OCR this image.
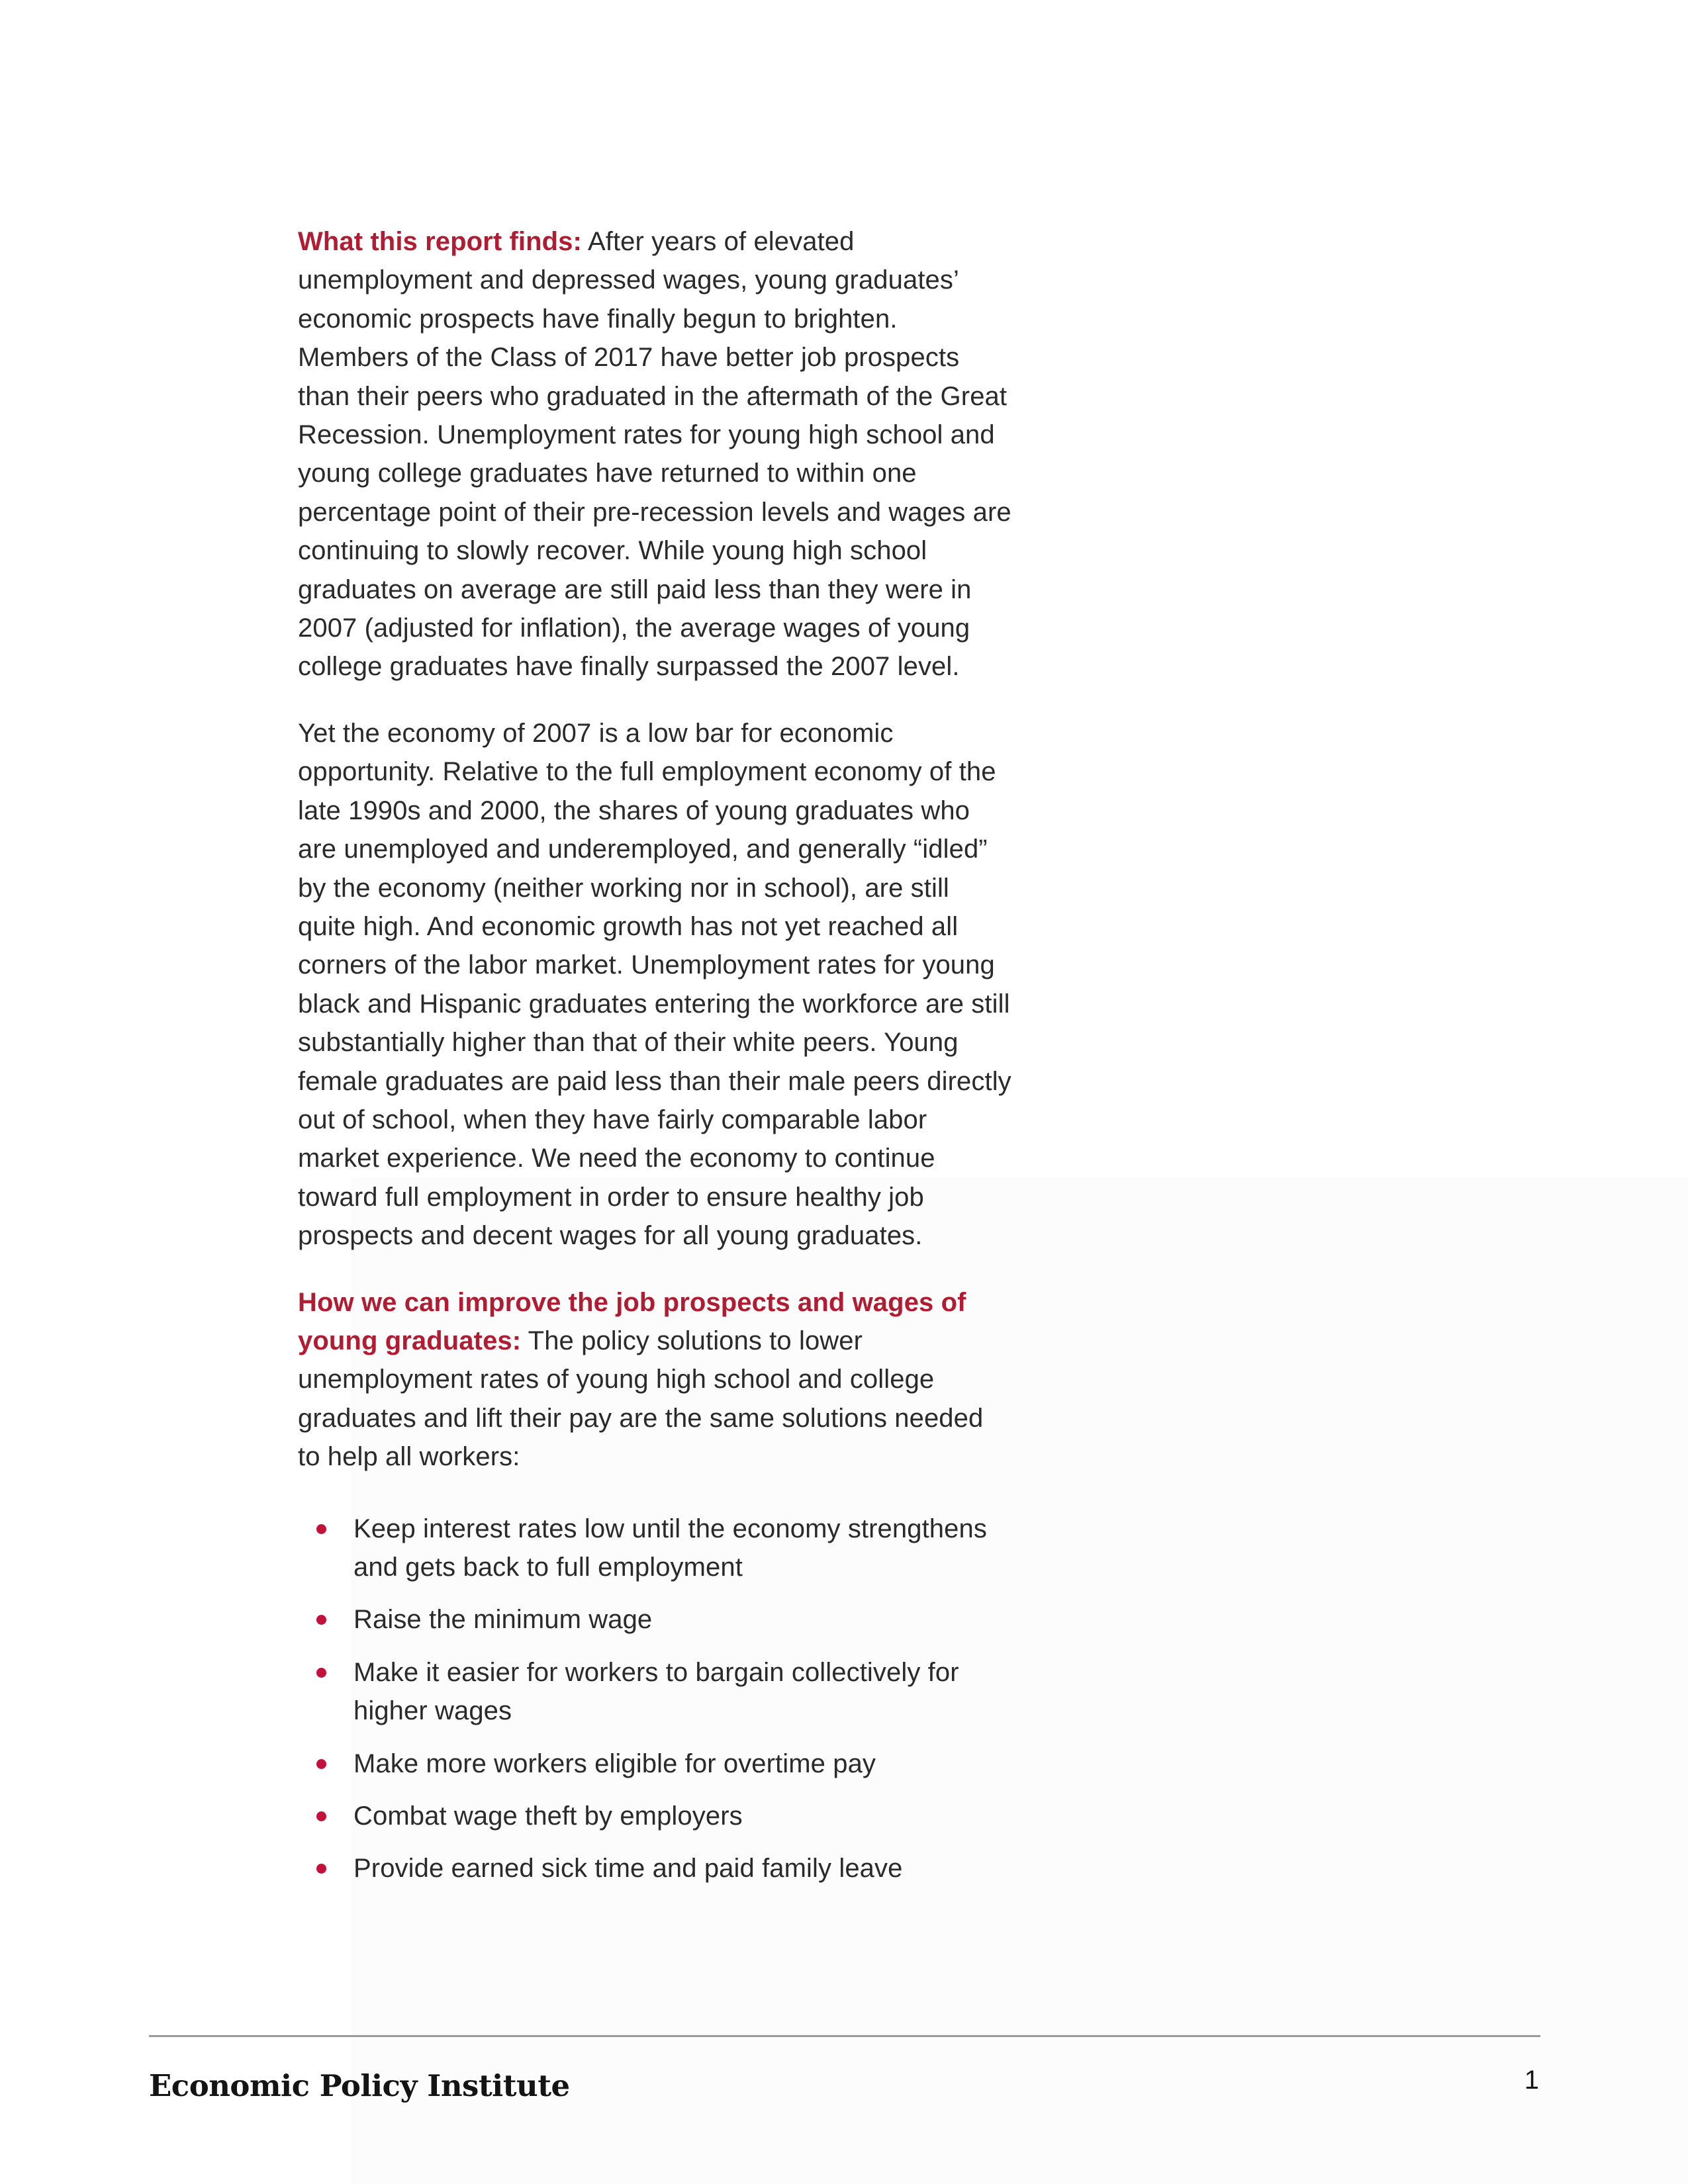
What this report finds: After years of elevated unemployment and depressed wages, young graduates’ economic prospects have finally begun to brighten. Members of the Class of 2017 have better job prospects than their peers who graduated in the aftermath of the Great Recession. Unemployment rates for young high school and young college graduates have returned to within one percentage point of their pre-recession levels and wages are continuing to slowly recover. While young high school graduates on average are still paid less than they were in 2007 (adjusted for inflation), the average wages of young college graduates have finally surpassed the 2007 level.

Yet the economy of 2007 is a low bar for economic opportunity. Relative to the full employment economy of the late 1990s and 2000, the shares of young graduates who are unemployed and underemployed, and generally “idled” by the economy (neither working nor in school), are still quite high. And economic growth has not yet reached all corners of the labor market. Unemployment rates for young black and Hispanic graduates entering the workforce are still substantially higher than that of their white peers. Young female graduates are paid less than their male peers directly out of school, when they have fairly comparable labor market experience. We need the economy to continue toward full employment in order to ensure healthy job prospects and decent wages for all young graduates.

How we can improve the job prospects and wages of young graduates: The policy solutions to lower unemployment rates of young high school and college graduates and lift their pay are the same solutions needed to help all workers:

Keep interest rates low until the economy strengthens and gets back to full employment
Raise the minimum wage
Make it easier for workers to bargain collectively for higher wages
Make more workers eligible for overtime pay
Combat wage theft by employers
Provide earned sick time and paid family leave
Economic Policy Institute	1
